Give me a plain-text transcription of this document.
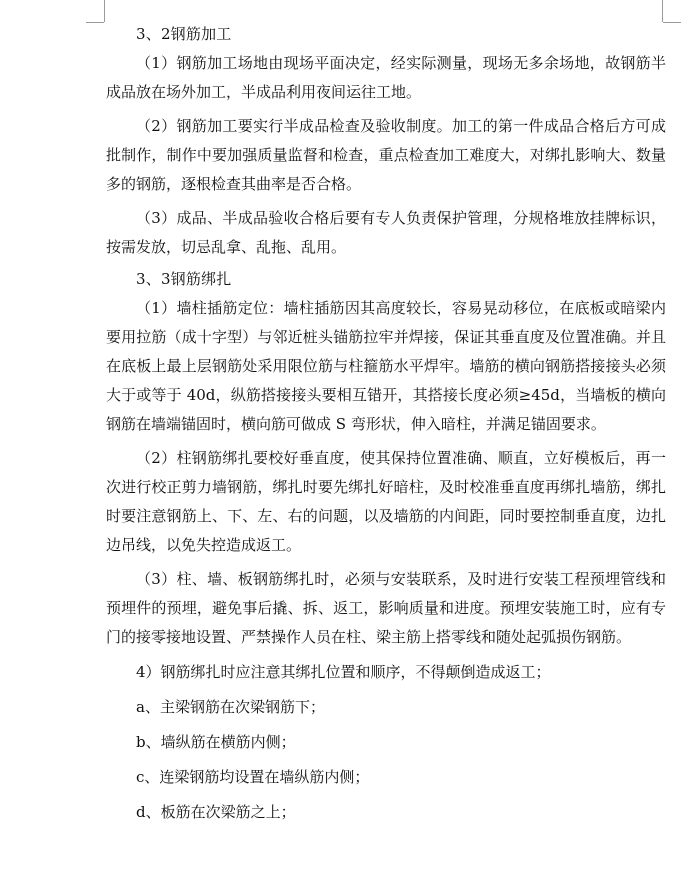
3、2钢筋加工

（1）钢筋加工场地由现场平面决定，经实际测量，现场无多余场地，故钢筋半成品放在场外加工，半成品利用夜间运往工地。

（2）钢筋加工要实行半成品检查及验收制度。加工的第一件成品合格后方可成批制作，制作中要加强质量监督和检查，重点检查加工难度大，对绑扎影响大、数量多的钢筋，逐根检查其曲率是否合格。

（3）成品、半成品验收合格后要有专人负责保护管理，分规格堆放挂牌标识，按需发放，切忌乱拿、乱拖、乱用。

3、3钢筋绑扎

（1）墙柱插筋定位：墙柱插筋因其高度较长，容易晃动移位，在底板或暗梁内要用拉筋（成十字型）与邻近桩头锚筋拉牢并焊接，保证其垂直度及位置准确。并且在底板上最上层钢筋处采用限位筋与柱箍筋水平焊牢。墙筋的横向钢筋搭接接头必须大于或等于 40d，纵筋搭接接头要相互错开，其搭接长度必须≥45d，当墙板的横向钢筋在墙端锚固时，横向筋可做成 S 弯形状，伸入暗柱，并满足锚固要求。

（2）柱钢筋绑扎要校好垂直度，使其保持位置准确、顺直，立好模板后，再一次进行校正剪力墙钢筋，绑扎时要先绑扎好暗柱，及时校准垂直度再绑扎墙筋，绑扎时要注意钢筋上、下、左、右的问题，以及墙筋的内间距，同时要控制垂直度，边扎边吊线，以免失控造成返工。

（3）柱、墙、板钢筋绑扎时，必须与安装联系，及时进行安装工程预埋管线和预埋件的预埋，避免事后撬、拆、返工，影响质量和进度。预埋安装施工时，应有专门的接零接地设置、严禁操作人员在柱、梁主筋上搭零线和随处起弧损伤钢筋。

4）钢筋绑扎时应注意其绑扎位置和顺序，不得颠倒造成返工；

a、主梁钢筋在次梁钢筋下；

b、墙纵筋在横筋内侧；

c、连梁钢筋均设置在墙纵筋内侧；

d、板筋在次梁筋之上；
